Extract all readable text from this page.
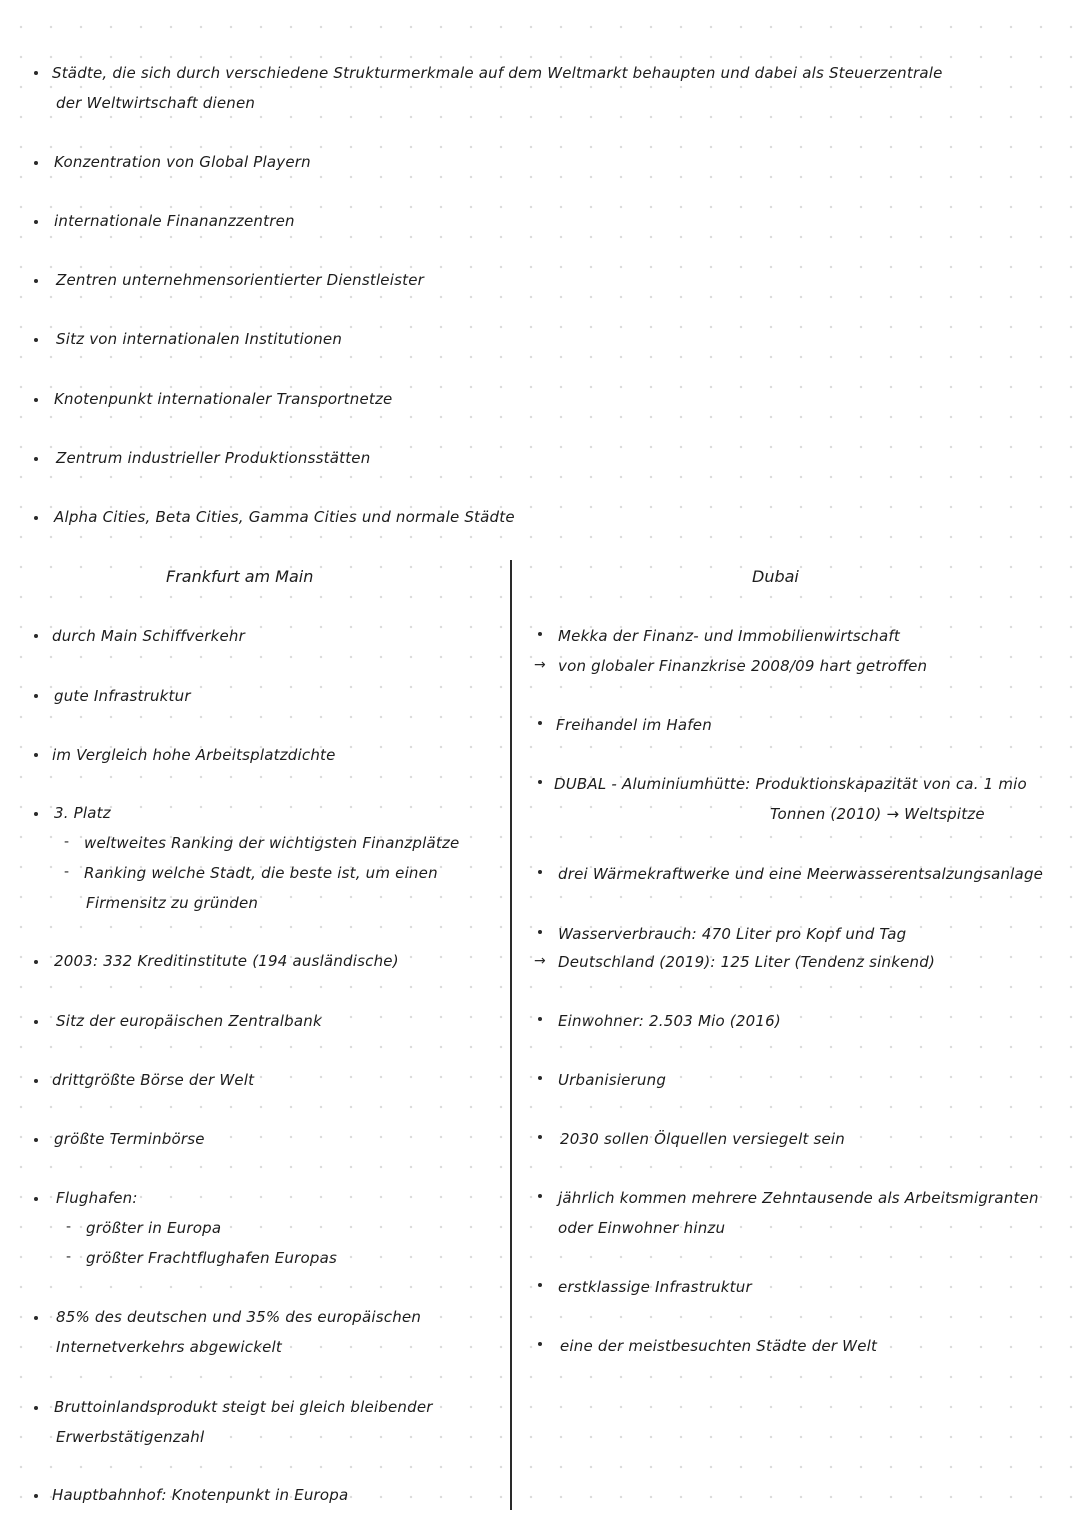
Städte, die sich durch verschiedene Strukturmerkmale auf dem Weltmarkt behaupten und dabei als Steuerzentrale
der Weltwirtschaft dienen
Konzentration von Global Playern
internationale Finananzzentren
Zentren unternehmensorientierter Dienstleister
Sitz von internationalen Institutionen
Knotenpunkt internationaler Transportnetze
Zentrum industrieller Produktionsstätten
Alpha Cities, Beta Cities, Gamma Cities und normale Städte
Frankfurt am Main	Dubai
durch Main Schiffverkehr
gute Infrastruktur
im Vergleich hohe Arbeitsplatzdichte
3. Platz
- weltweites Ranking der wichtigsten Finanzplätze
- Ranking welche Stadt, die beste ist, um einen
Firmensitz zu gründen
2003: 332 Kreditinstitute (194 ausländische)
Sitz der europäischen Zentralbank
drittgrößte Börse der Welt
größte Terminbörse
Flughafen:
- größter in Europa
- größter Frachtflughafen Europas
85% des deutschen und 35% des europäischen
Internetverkehrs abgewickelt
Bruttoinlandsprodukt steigt bei gleich bleibender
Erwerbstätigenzahl
Hauptbahnhof: Knotenpunkt in Europa
Mekka der Finanz- und Immobilienwirtschaft
→ von globaler Finanzkrise 2008/09 hart getroffen
Freihandel im Hafen
DUBAL - Aluminiumhütte: Produktionskapazität von ca. 1 mio
Tonnen (2010) → Weltspitze
drei Wärmekraftwerke und eine Meerwasserentsalzungsanlage
Wasserverbrauch: 470 Liter pro Kopf und Tag
→ Deutschland (2019): 125 Liter (Tendenz sinkend)
Einwohner: 2.503 Mio (2016)
Urbanisierung
2030 sollen Ölquellen versiegelt sein
jährlich kommen mehrere Zehntausende als Arbeitsmigranten
oder Einwohner hinzu
erstklassige Infrastruktur
eine der meistbesuchten Städte der Welt
